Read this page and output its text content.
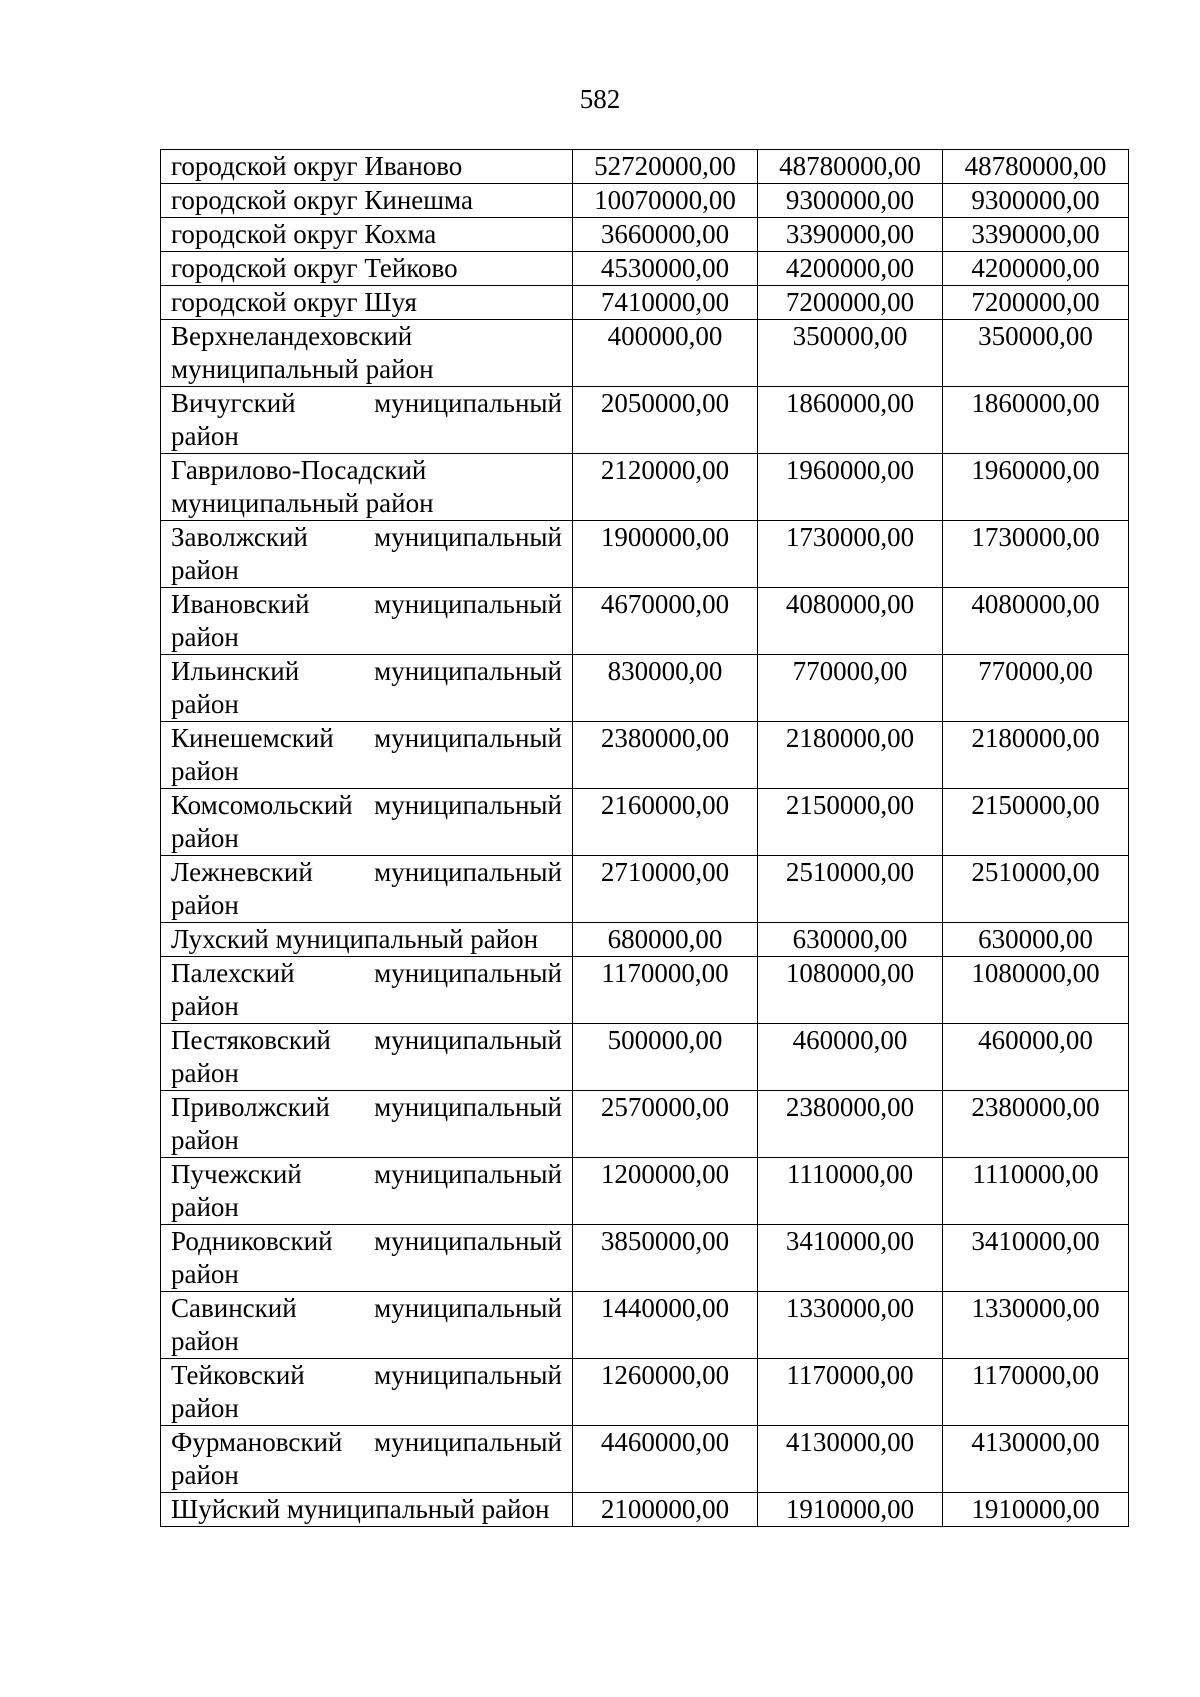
582
городской округ Иваново	52720000,00	48780000,00	48780000,00
городской округ Кинешма	10070000,00	9300000,00	9300000,00
городской округ Кохма	3660000,00	3390000,00	3390000,00
городской округ Тейково	4530000,00	4200000,00	4200000,00
городской округ Шуя	7410000,00	7200000,00	7200000,00
Верхнеландеховский муниципальный район	400000,00	350000,00	350000,00
Вичугский муниципальный район	2050000,00	1860000,00	1860000,00
Гаврилово-Посадский муниципальный район	2120000,00	1960000,00	1960000,00
Заволжский муниципальный район	1900000,00	1730000,00	1730000,00
Ивановский муниципальный район	4670000,00	4080000,00	4080000,00
Ильинский муниципальный район	830000,00	770000,00	770000,00
Кинешемский муниципальный район	2380000,00	2180000,00	2180000,00
Комсомольский муниципальный район	2160000,00	2150000,00	2150000,00
Лежневский муниципальный район	2710000,00	2510000,00	2510000,00
Лухский муниципальный район	680000,00	630000,00	630000,00
Палехский муниципальный район	1170000,00	1080000,00	1080000,00
Пестяковский муниципальный район	500000,00	460000,00	460000,00
Приволжский муниципальный район	2570000,00	2380000,00	2380000,00
Пучежский муниципальный район	1200000,00	1110000,00	1110000,00
Родниковский муниципальный район	3850000,00	3410000,00	3410000,00
Савинский муниципальный район	1440000,00	1330000,00	1330000,00
Тейковский муниципальный район	1260000,00	1170000,00	1170000,00
Фурмановский муниципальный район	4460000,00	4130000,00	4130000,00
Шуйский муниципальный район	2100000,00	1910000,00	1910000,00
